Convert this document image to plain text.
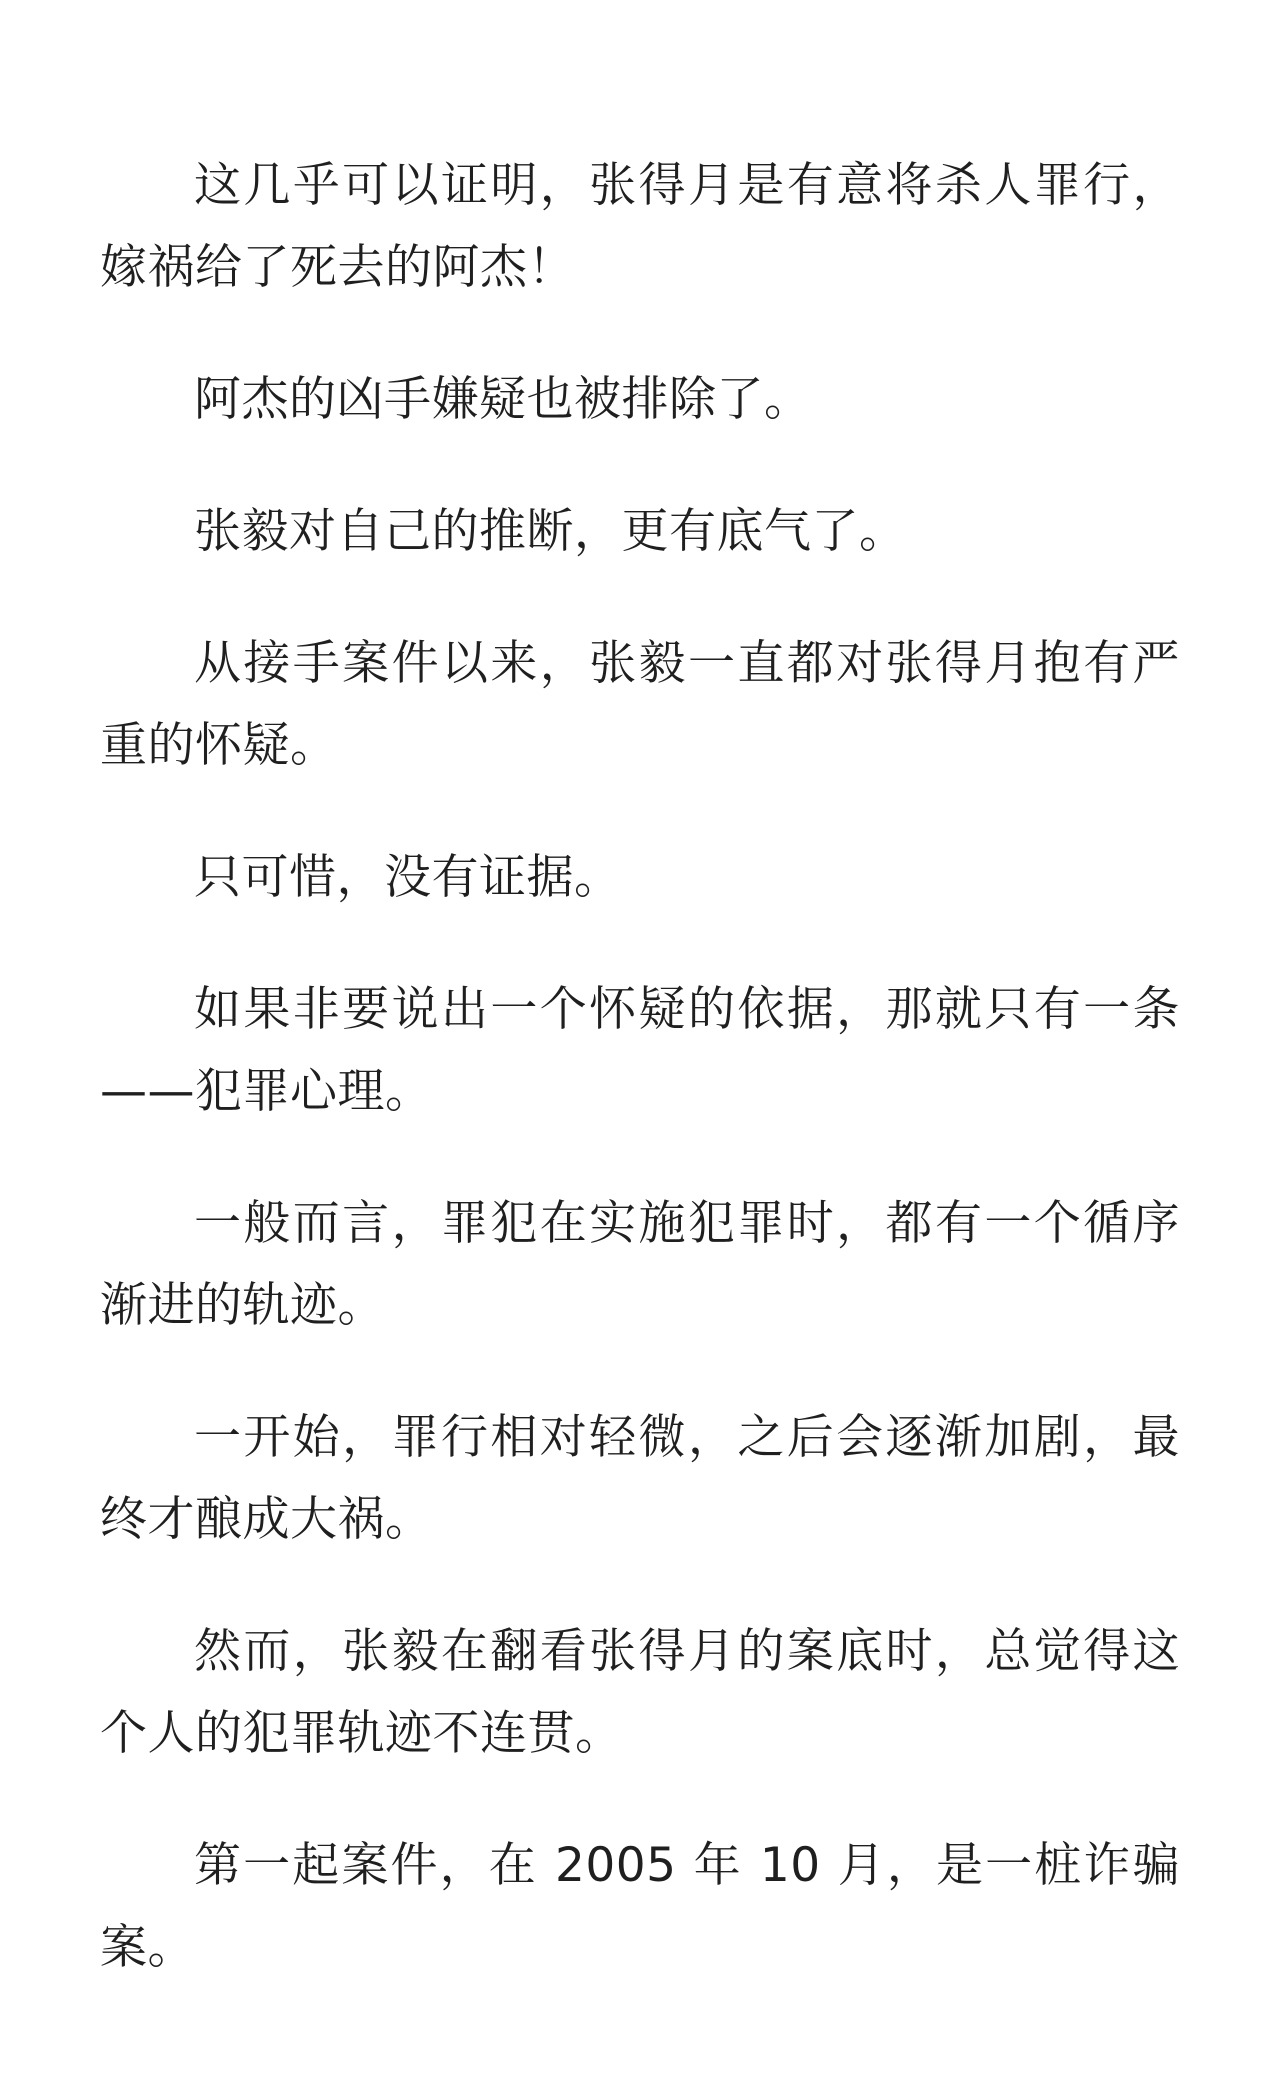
这几乎可以证明，张得月是有意将杀人罪行，嫁祸给了死去的阿杰！

阿杰的凶手嫌疑也被排除了。

张毅对自己的推断，更有底气了。

从接手案件以来，张毅一直都对张得月抱有严重的怀疑。

只可惜，没有证据。

如果非要说出一个怀疑的依据，那就只有一条——犯罪心理。

一般而言，罪犯在实施犯罪时，都有一个循序渐进的轨迹。

一开始，罪行相对轻微，之后会逐渐加剧，最终才酿成大祸。

然而，张毅在翻看张得月的案底时，总觉得这个人的犯罪轨迹不连贯。

第一起案件，在 2005 年 10 月，是一桩诈骗案。
